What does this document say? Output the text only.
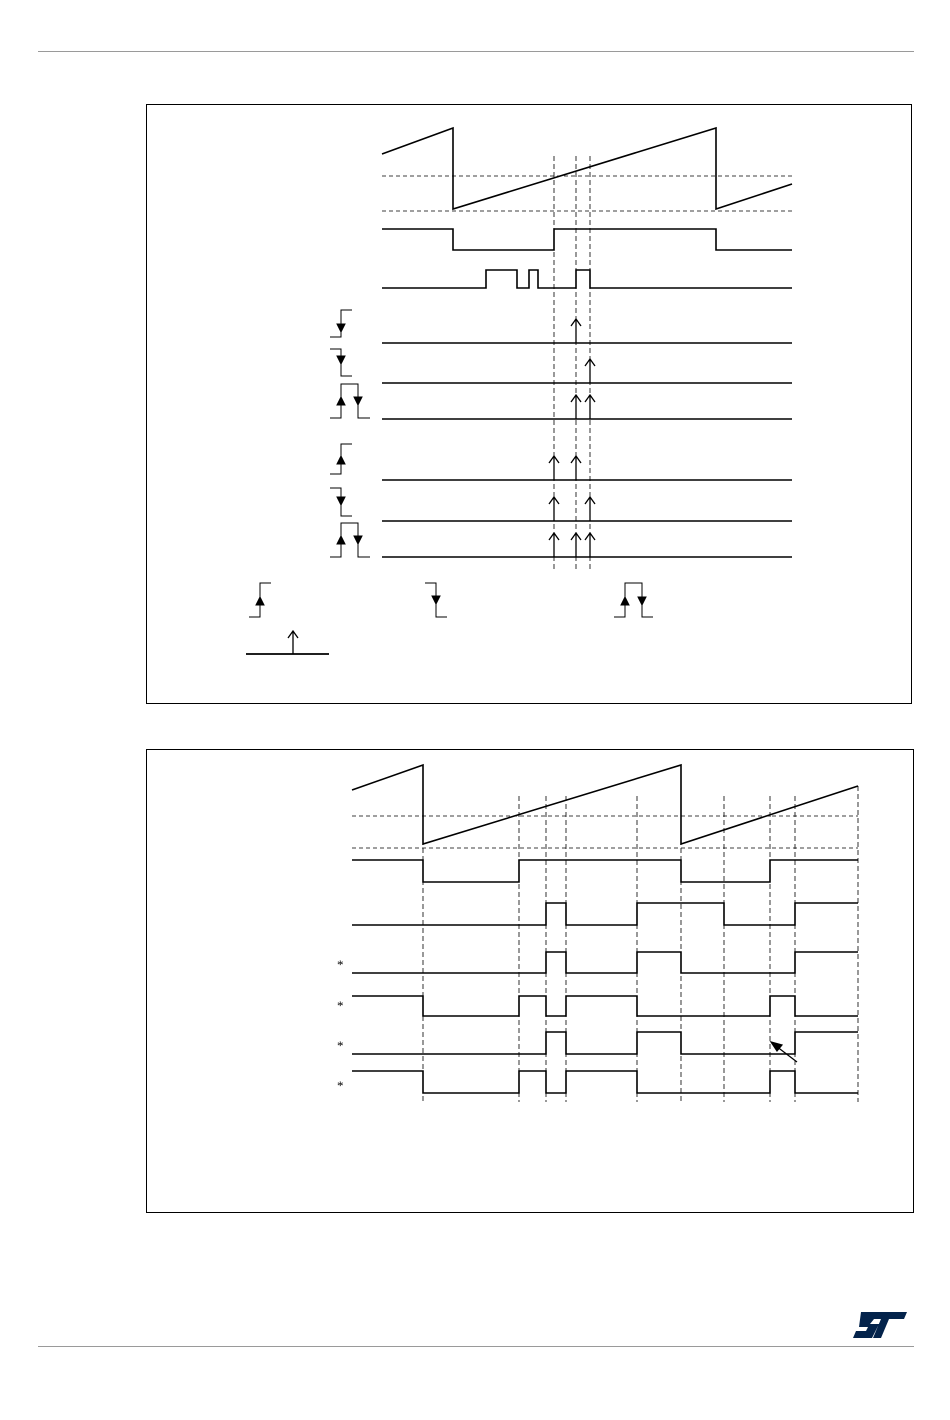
*
*
*
*
